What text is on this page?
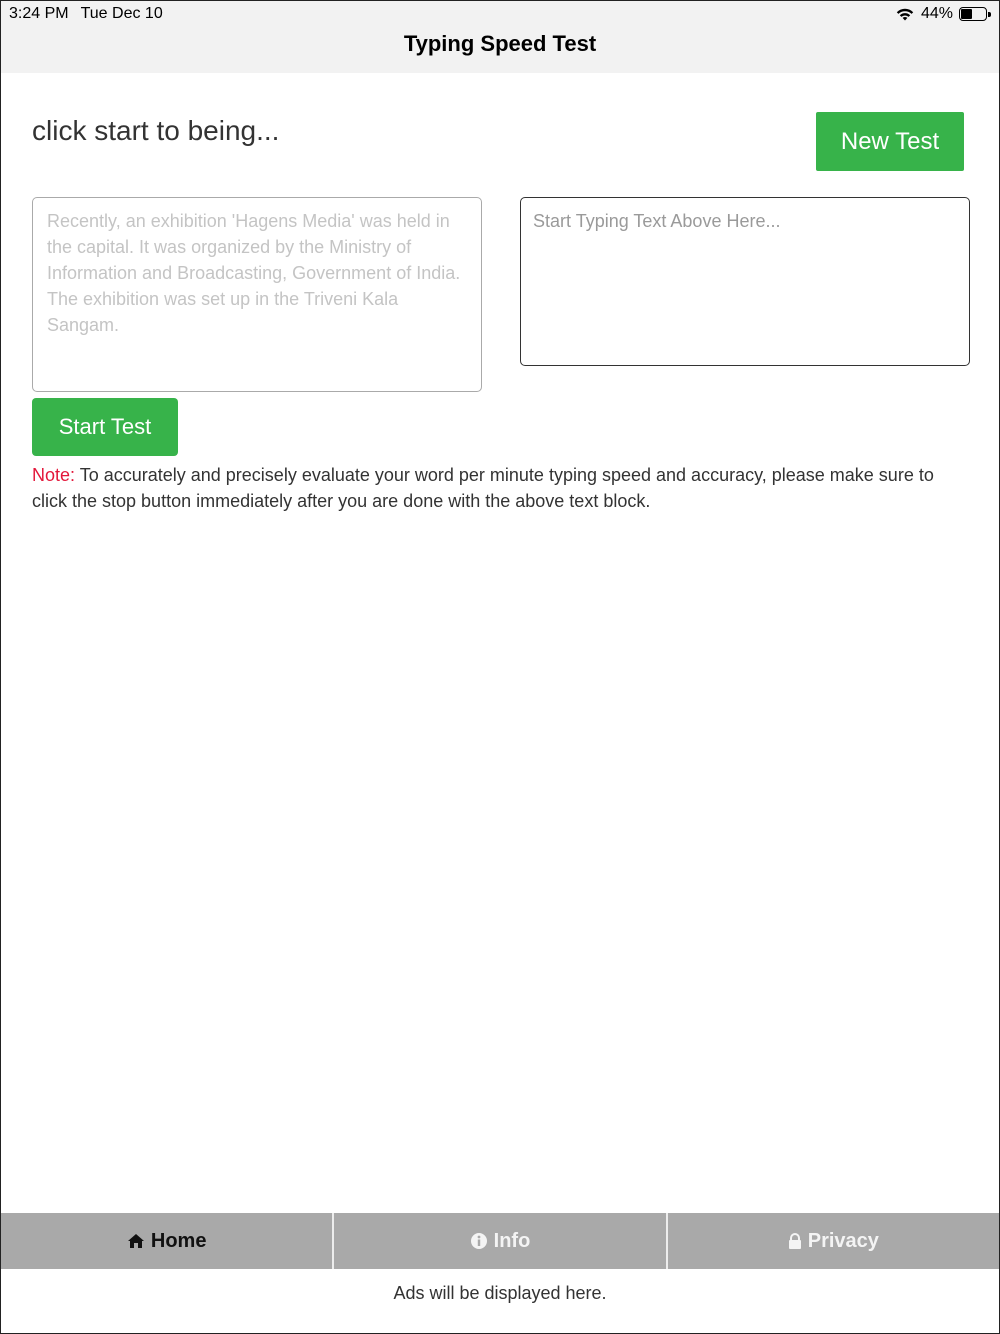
3:24 PM Tue Dec 10	44%
Typing Speed Test
click start to being...	New Test
Recently, an exhibition 'Hagens Media' was held in the capital. It was organized by the Ministry of Information and Broadcasting, Government of India. The exhibition was set up in the Triveni Kala Sangam.
Start Typing Text Above Here...
Start Test
Note: To accurately and precisely evaluate your word per minute typing speed and accuracy, please make sure to click the stop button immediately after you are done with the above text block.
Home	Info	Privacy
Ads will be displayed here.
